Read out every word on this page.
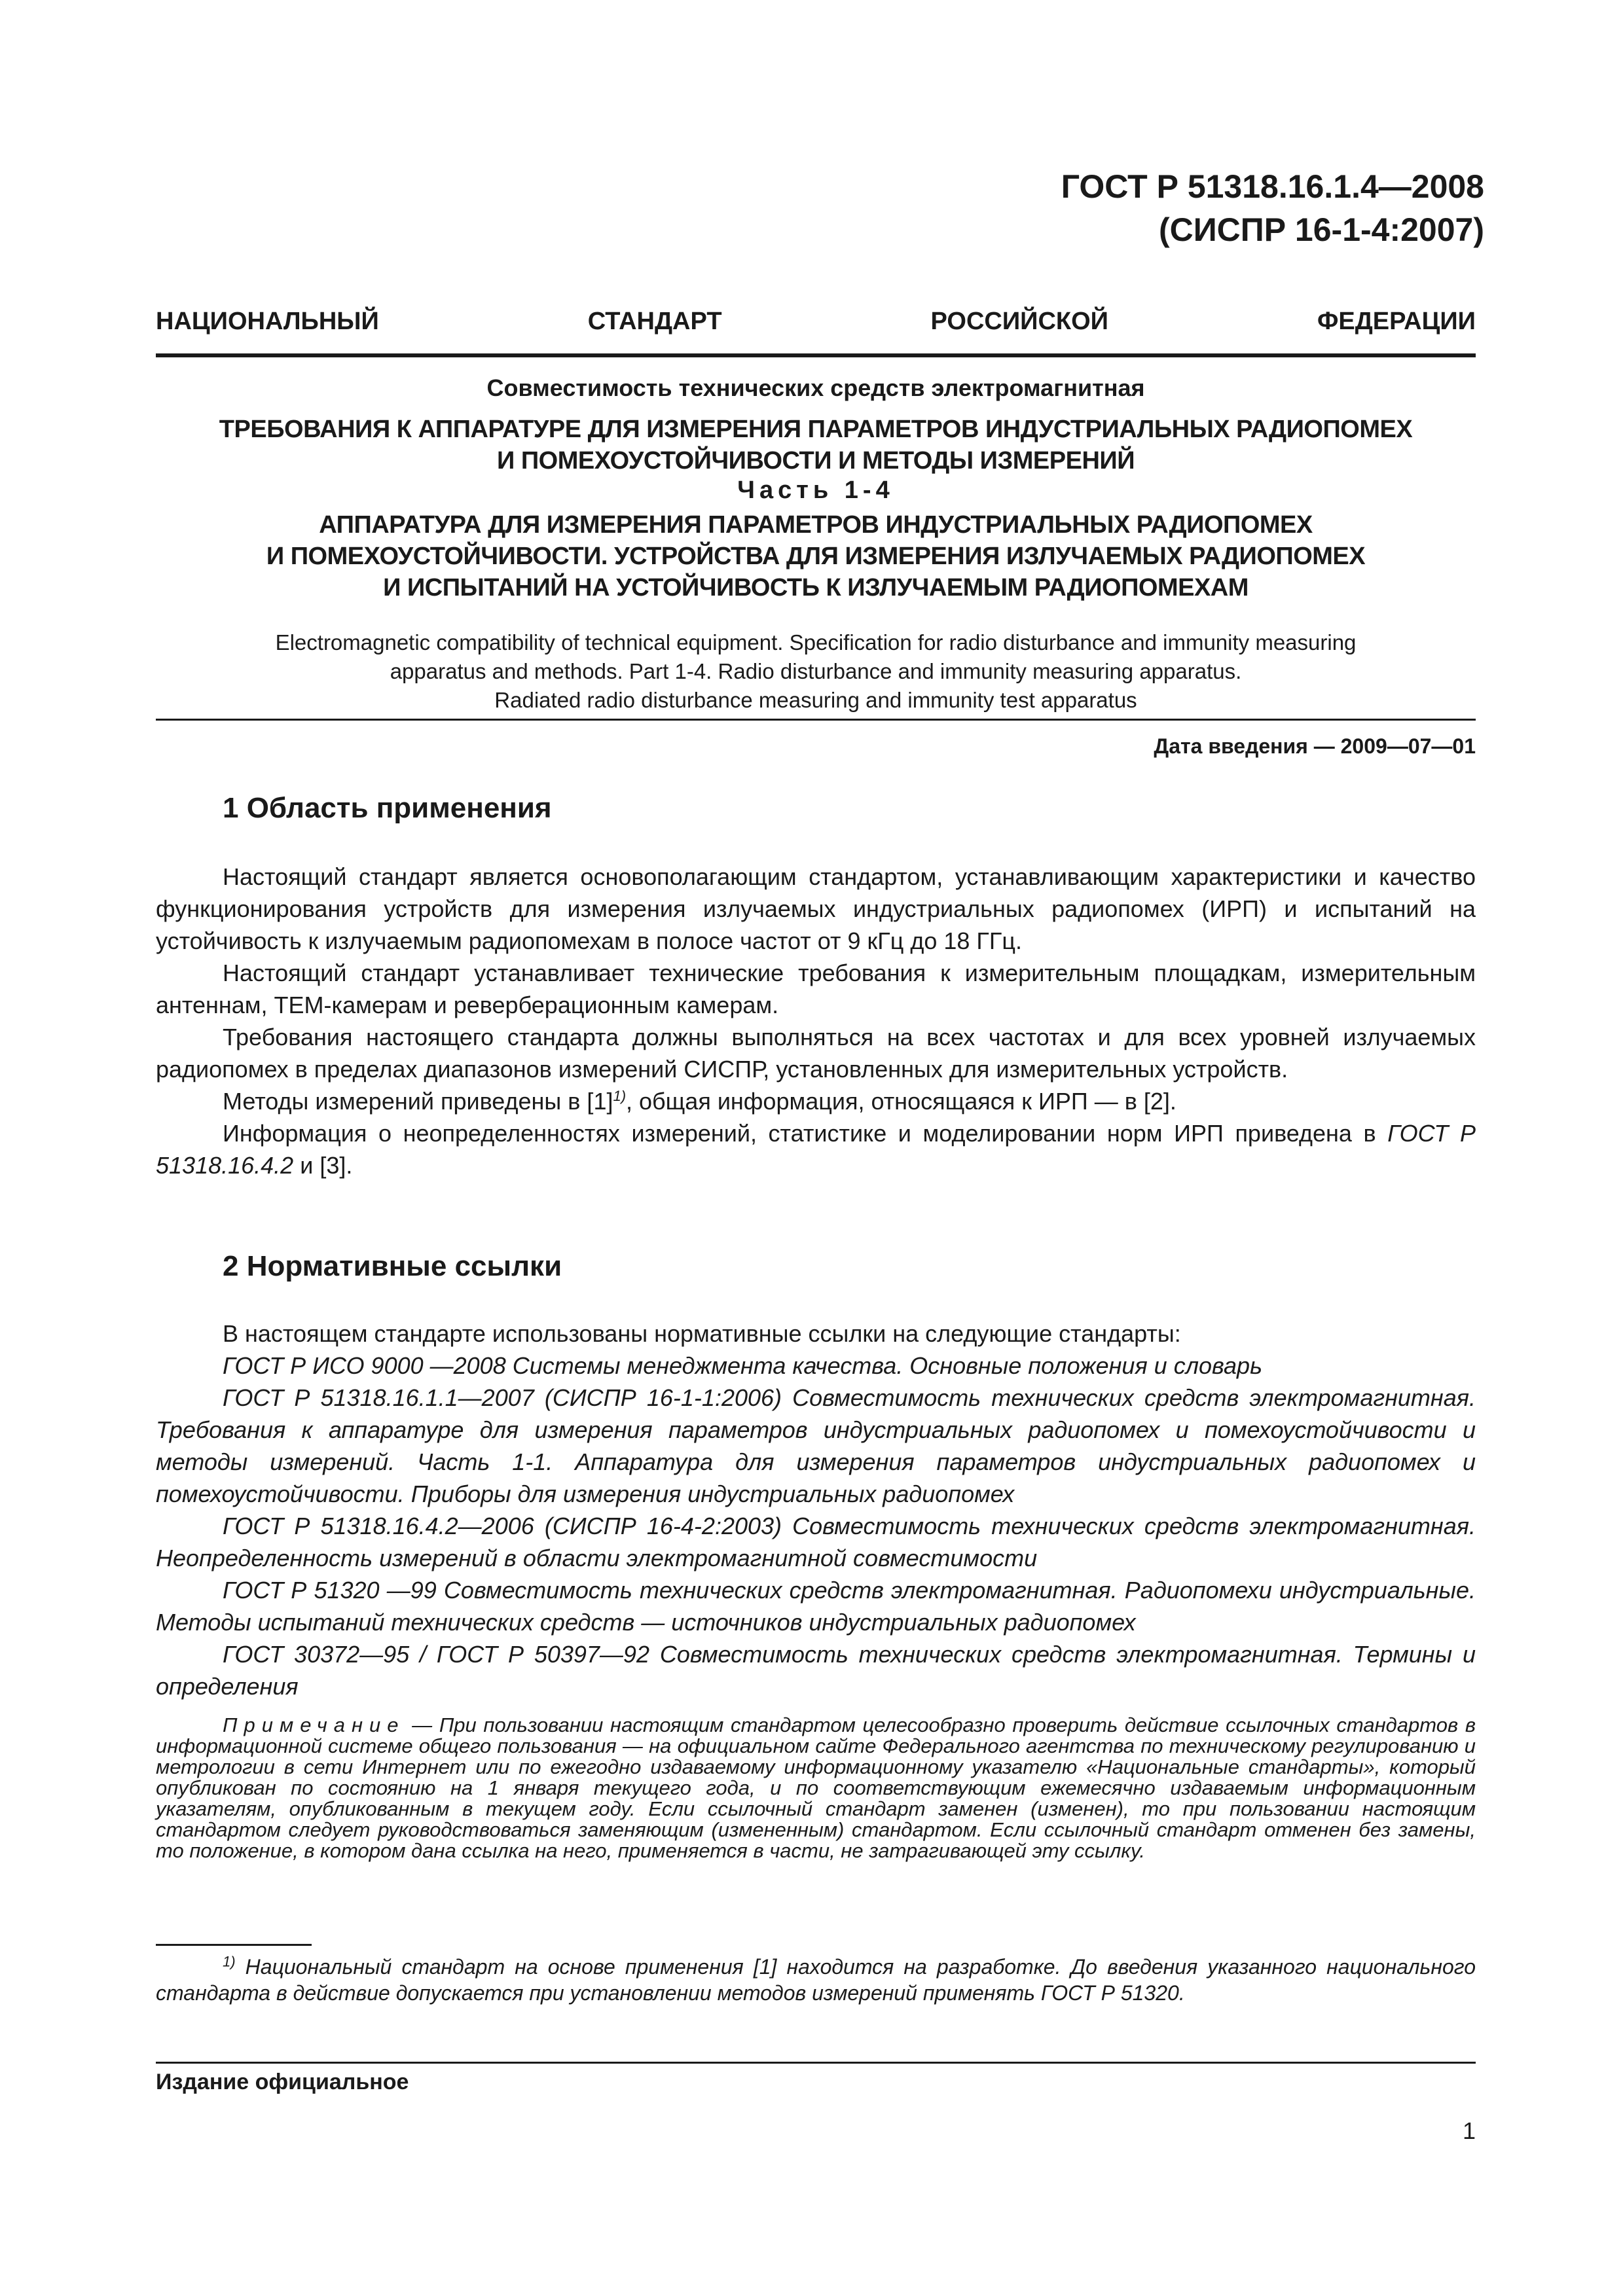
ГОСТ Р 51318.16.1.4—2008
(СИСПР 16-1-4:2007)
НАЦИОНАЛЬНЫЙ	СТАНДАРТ	РОССИЙСКОЙ	ФЕДЕРАЦИИ
Совместимость технических средств электромагнитная
ТРЕБОВАНИЯ К АППАРАТУРЕ ДЛЯ ИЗМЕРЕНИЯ ПАРАМЕТРОВ ИНДУСТРИАЛЬНЫХ РАДИОПОМЕХ
И ПОМЕХОУСТОЙЧИВОСТИ И МЕТОДЫ ИЗМЕРЕНИЙ
Часть 1-4
АППАРАТУРА ДЛЯ ИЗМЕРЕНИЯ ПАРАМЕТРОВ ИНДУСТРИАЛЬНЫХ РАДИОПОМЕХ
И ПОМЕХОУСТОЙЧИВОСТИ. УСТРОЙСТВА ДЛЯ ИЗМЕРЕНИЯ ИЗЛУЧАЕМЫХ РАДИОПОМЕХ
И ИСПЫТАНИЙ НА УСТОЙЧИВОСТЬ К ИЗЛУЧАЕМЫМ РАДИОПОМЕХАМ
Electromagnetic compatibility of technical equipment. Specification for radio disturbance and immunity measuring
apparatus and methods. Part 1-4. Radio disturbance and immunity measuring apparatus.
Radiated radio disturbance measuring and immunity test apparatus
Дата введения — 2009—07—01
1 Область применения

Настоящий стандарт является основополагающим стандартом, устанавливающим характеристики и качество функционирования устройств для измерения излучаемых индустриальных радиопомех (ИРП) и испытаний на устойчивость к излучаемым радиопомехам в полосе частот от 9 кГц до 18 ГГц.

Настоящий стандарт устанавливает технические требования к измерительным площадкам, измерительным антеннам, ТЕМ-камерам и реверберационным камерам.

Требования настоящего стандарта должны выполняться на всех частотах и для всех уровней излучаемых радиопомех в пределах диапазонов измерений СИСПР, установленных для измерительных устройств.

Методы измерений приведены в $[1]^{1)}$, общая информация, относящаяся к ИРП — в [2].

Информация о неопределенностях измерений, статистике и моделировании норм ИРП приведена в ГОСТ Р 51318.16.4.2 и [3].

2 Нормативные ссылки

В настоящем стандарте использованы нормативные ссылки на следующие стандарты:

ГОСТ Р ИСО 9000 —2008 Системы менеджмента качества. Основные положения и словарь

ГОСТ Р 51318.16.1.1—2007 (СИСПР 16-1-1:2006) Совместимость технических средств электромагнитная. Требования к аппаратуре для измерения параметров индустриальных радиопомех и помехоустойчивости и методы измерений. Часть 1-1. Аппаратура для измерения параметров индустриальных радиопомех и помехоустойчивости. Приборы для измерения индустриальных радиопомех

ГОСТ Р 51318.16.4.2—2006 (СИСПР 16-4-2:2003) Совместимость технических средств электромагнитная. Неопределенность измерений в области электромагнитной совместимости

ГОСТ Р 51320 —99 Совместимость технических средств электромагнитная. Радиопомехи индустриальные. Методы испытаний технических средств — источников индустриальных радиопомех

ГОСТ 30372—95 / ГОСТ Р 50397—92 Совместимость технических средств электромагнитная. Термины и определения

Примечание — При пользовании настоящим стандартом целесообразно проверить действие ссылочных стандартов в информационной системе общего пользования — на официальном сайте Федерального агентства по техническому регулированию и метрологии в сети Интернет или по ежегодно издаваемому информационному указателю «Национальные стандарты», который опубликован по состоянию на 1 января текущего года, и по соответствующим ежемесячно издаваемым информационным указателям, опубликованным в текущем году. Если ссылочный стандарт заменен (изменен), то при пользовании настоящим стандартом следует руководствоваться заменяющим (измененным) стандартом. Если ссылочный стандарт отменен без замены, то положение, в котором дана ссылка на него, применяется в части, не затрагивающей эту ссылку.
$^{1)}$ Национальный стандарт на основе применения [1] находится на разработке. До введения указанного национального стандарта в действие допускается при установлении методов измерений применять ГОСТ Р 51320.
Издание официальное
1
